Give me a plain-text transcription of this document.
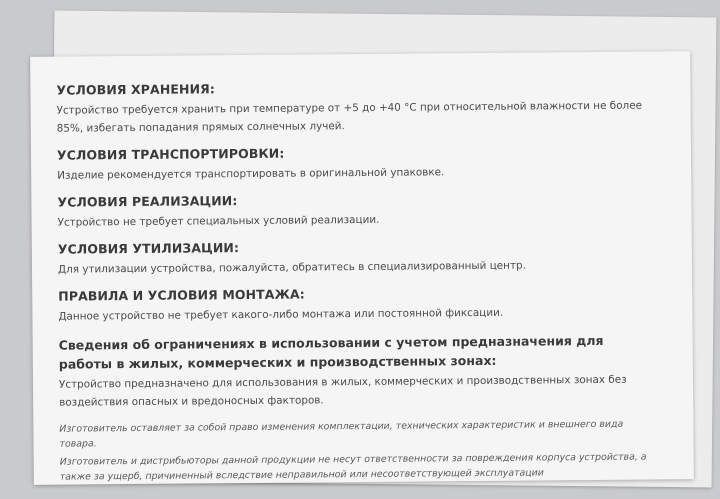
УСЛОВИЯ ХРАНЕНИЯ:
Устройство требуется хранить при температуре от +5 до +40 °С при относительной влажности не более 85%, избегать попадания прямых солнечных лучей.
УСЛОВИЯ ТРАНСПОРТИРОВКИ:
Изделие рекомендуется транспортировать в оригинальной упаковке.
УСЛОВИЯ РЕАЛИЗАЦИИ:
Устройство не требует специальных условий реализации.
УСЛОВИЯ УТИЛИЗАЦИИ:
Для утилизации устройства, пожалуйста, обратитесь в специализированный центр.
ПРАВИЛА И УСЛОВИЯ МОНТАЖА:
Данное устройство не требует какого-либо монтажа или постоянной фиксации.
Сведения об ограничениях в использовании с учетом предназначения для работы в жилых, коммерческих и производственных зонах:
Устройство предназначено для использования в жилых, коммерческих и производственных зонах без воздействия опасных и вредоносных факторов.
Изготовитель оставляет за собой право изменения комплектации, технических характеристик и внешнего вида товара.
Изготовитель и дистрибьюторы данной продукции не несут ответственности за повреждения корпуса устройства, а также за ущерб, причиненный вследствие неправильной или несоответствующей эксплуатации
